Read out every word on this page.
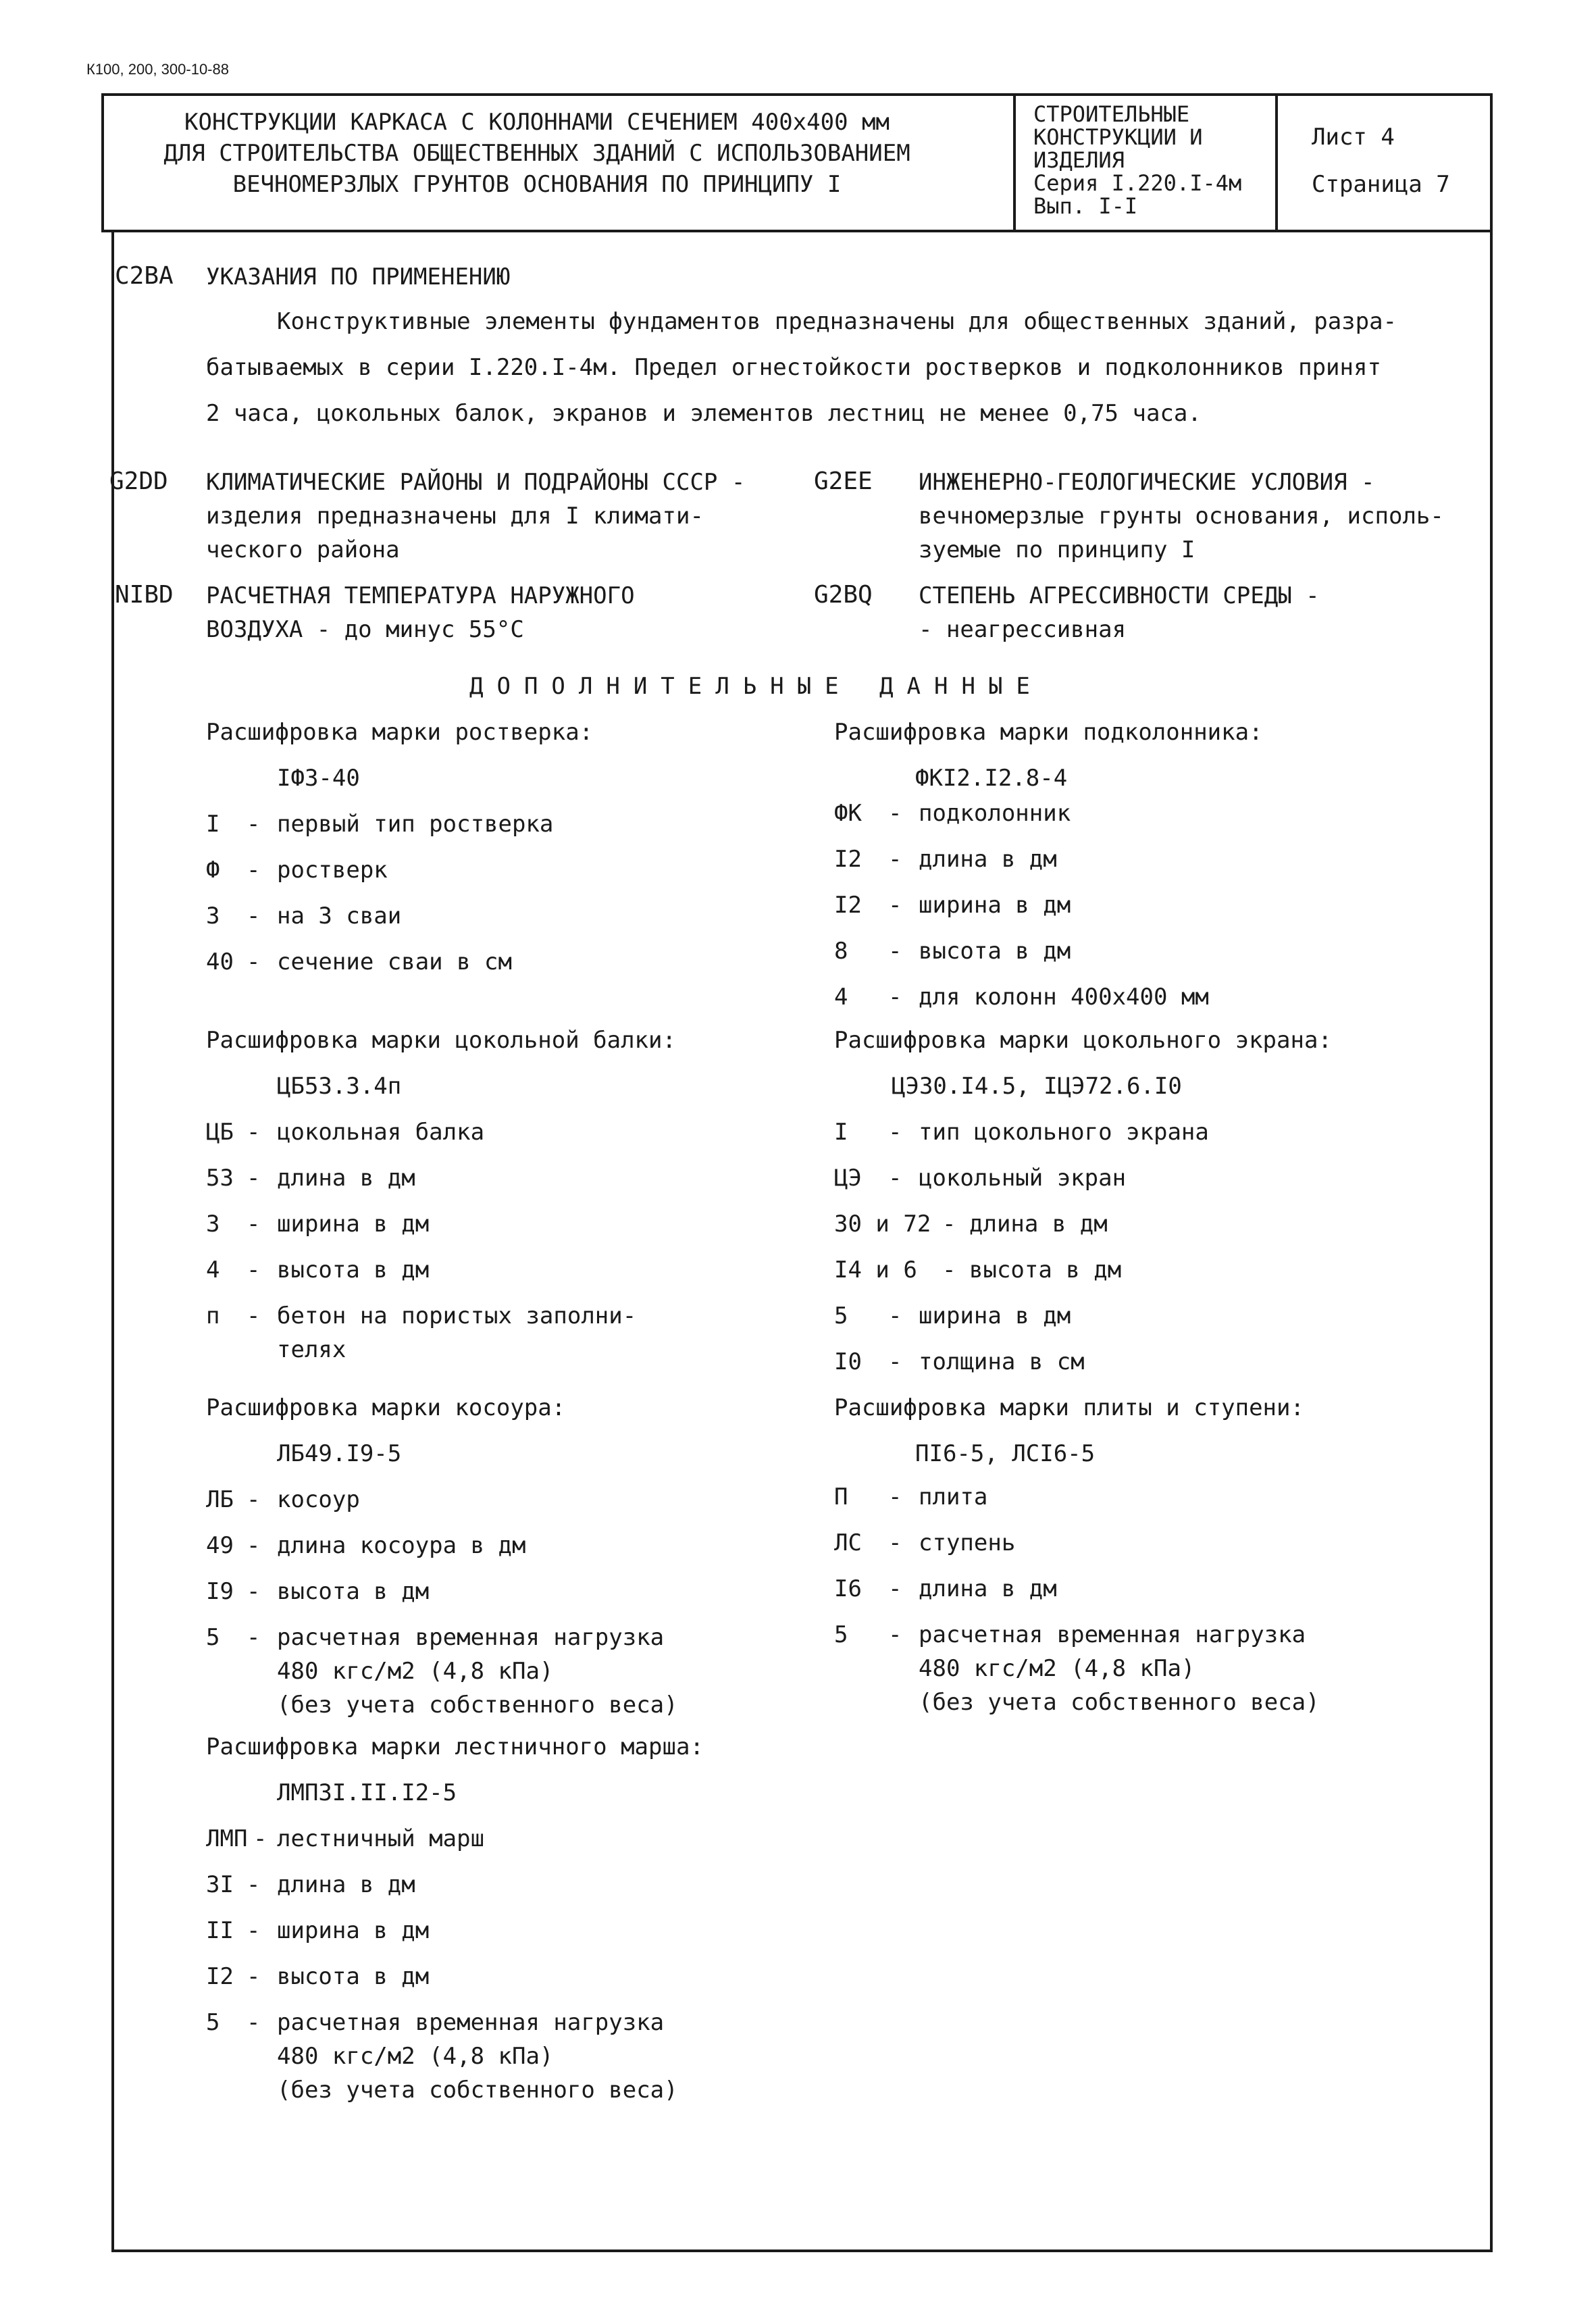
К100, 200, 300-10-88
КОНСТРУКЦИИ КАРКАСА С КОЛОННАМИ СЕЧЕНИЕМ 400х400 мм
ДЛЯ СТРОИТЕЛЬСТВА ОБЩЕСТВЕННЫХ ЗДАНИЙ С ИСПОЛЬЗОВАНИЕМ
ВЕЧНОМЕРЗЛЫХ ГРУНТОВ ОСНОВАНИЯ ПО ПРИНЦИПУ I
СТРОИТЕЛЬНЫЕ
КОНСТРУКЦИИ И
ИЗДЕЛИЯ
Серия I.220.I-4м
Вып. I-I
Лист 4
Страница 7
C2BA УКАЗАНИЯ ПО ПРИМЕНЕНИЮ
Конструктивные элементы фундаментов предназначены для общественных зданий, разра-
батываемых в серии I.220.I-4м. Предел огнестойкости ростверков и подколонников принят
2 часа, цокольных балок, экранов и элементов лестниц не менее 0,75 часа.
G2DD КЛИМАТИЧЕСКИЕ РАЙОНЫ И ПОДРАЙОНЫ СССР -
изделия предназначены для I климати-
ческого района
G2EE ИНЖЕНЕРНО-ГЕОЛОГИЧЕСКИЕ УСЛОВИЯ -
вечномерзлые грунты основания, исполь-
зуемые по принципу I
NIBD РАСЧЕТНАЯ ТЕМПЕРАТУРА НАРУЖНОГО
ВОЗДУХА - до минус 55°С
G2BQ СТЕПЕНЬ АГРЕССИВНОСТИ СРЕДЫ -
- неагрессивная
ДОПОЛНИТЕЛЬНЫЕ ДАННЫЕ
Расшифровка марки ростверка:
IФ3-40
I - первый тип ростверка
Ф - ростверк
3 - на 3 сваи
40 - сечение сваи в см
Расшифровка марки цокольной балки:
ЦБ53.3.4п
ЦБ - цокольная балка
53 - длина в дм
3 - ширина в дм
4 - высота в дм
п - бетон на пористых заполни-
телях
Расшифровка марки косоура:
ЛБ49.I9-5
ЛБ - косоур
49 - длина косоура в дм
I9 - высота в дм
5 - расчетная временная нагрузка
480 кгс/м2 (4,8 кПа)
(без учета собственного веса)
Расшифровка марки лестничного марша:
ЛМП3I.II.I2-5
ЛМП - лестничный марш
3I - длина в дм
II - ширина в дм
I2 - высота в дм
5 - расчетная временная нагрузка
480 кгс/м2 (4,8 кПа)
(без учета собственного веса)
Расшифровка марки подколонника:
ФКI2.I2.8-4
ФК - подколонник
I2 - длина в дм
I2 - ширина в дм
8 - высота в дм
4 - для колонн 400х400 мм
Расшифровка марки цокольного экрана:
ЦЭ30.I4.5, IЦЭ72.6.I0
I - тип цокольного экрана
ЦЭ - цокольный экран
30 и 72 - длина в дм
I4 и 6 - высота в дм
5 - ширина в дм
I0 - толщина в см
Расшифровка марки плиты и ступени:
ПI6-5, ЛСI6-5
П - плита
ЛС - ступень
I6 - длина в дм
5 - расчетная временная нагрузка
480 кгс/м2 (4,8 кПа)
(без учета собственного веса)
